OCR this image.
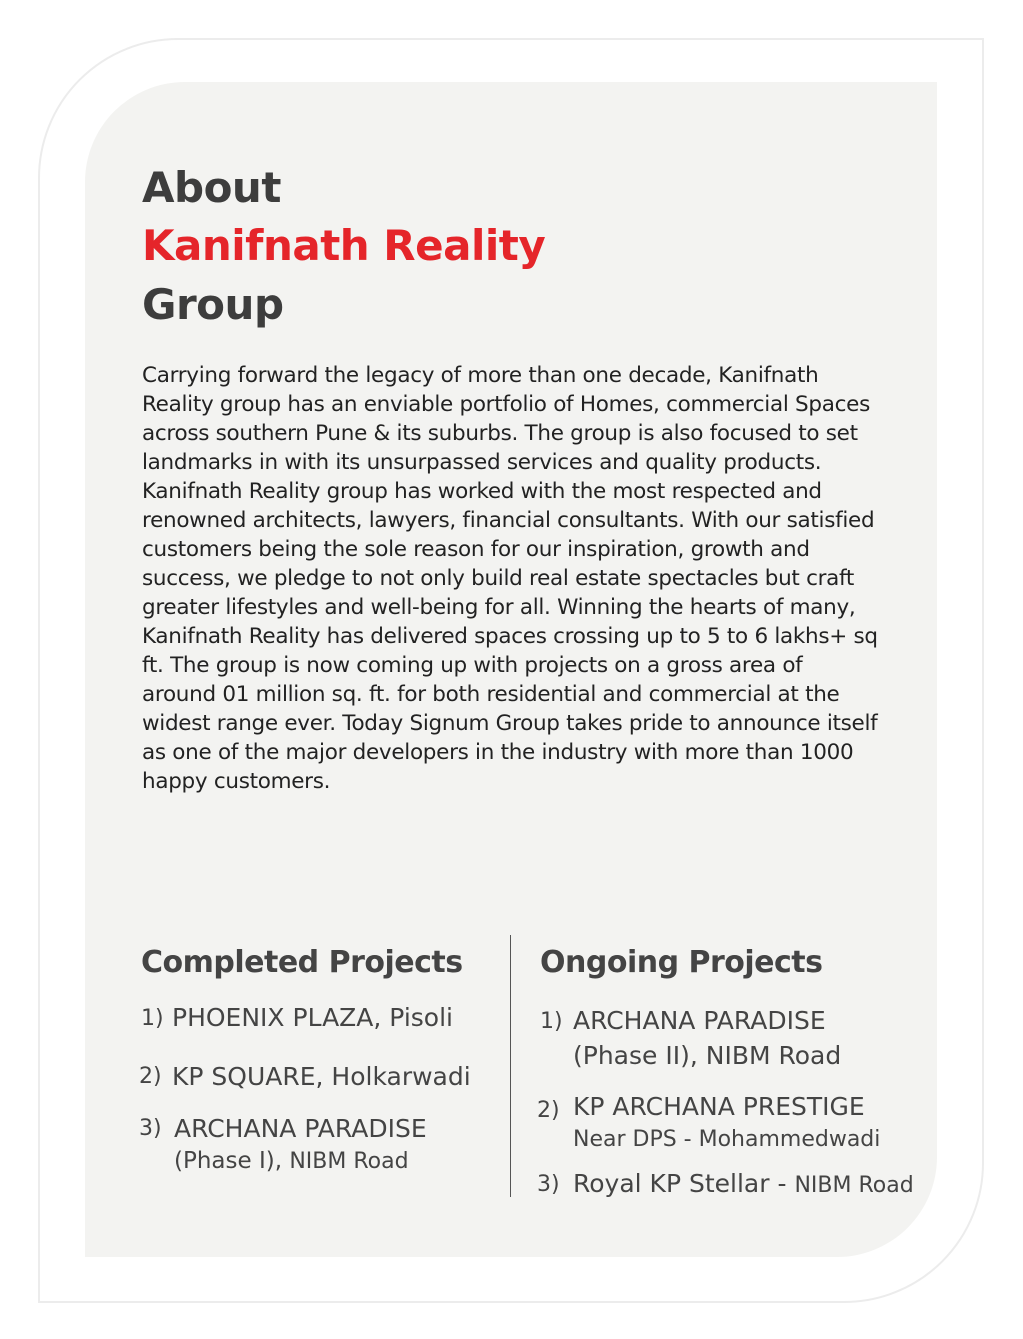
About
Kanifnath Reality
Group

Carrying forward the legacy of more than one decade, Kanifnath Reality group has an enviable portfolio of Homes, commercial Spaces across southern Pune & its suburbs. The group is also focused to set landmarks in with its unsurpassed services and quality products. Kanifnath Reality group has worked with the most respected and renowned architects, lawyers, financial consultants. With our satisfied customers being the sole reason for our inspiration, growth and success, we pledge to not only build real estate spectacles but craft greater lifestyles and well-being for all. Winning the hearts of many, Kanifnath Reality has delivered spaces crossing up to 5 to 6 lakhs+ sq ft. The group is now coming up with projects on a gross area of around 01 million sq. ft. for both residential and commercial at the widest range ever. Today Signum Group takes pride to announce itself as one of the major developers in the industry with more than 1000 happy customers.

Completed Projects
1) PHOENIX PLAZA, Pisoli
2) KP SQUARE, Holkarwadi
3) ARCHANA PARADISE
(Phase I), NIBM Road
Ongoing Projects
1) ARCHANA PARADISE
(Phase II), NIBM Road
2) KP ARCHANA PRESTIGE
Near DPS - Mohammedwadi
3) Royal KP Stellar - NIBM Road
